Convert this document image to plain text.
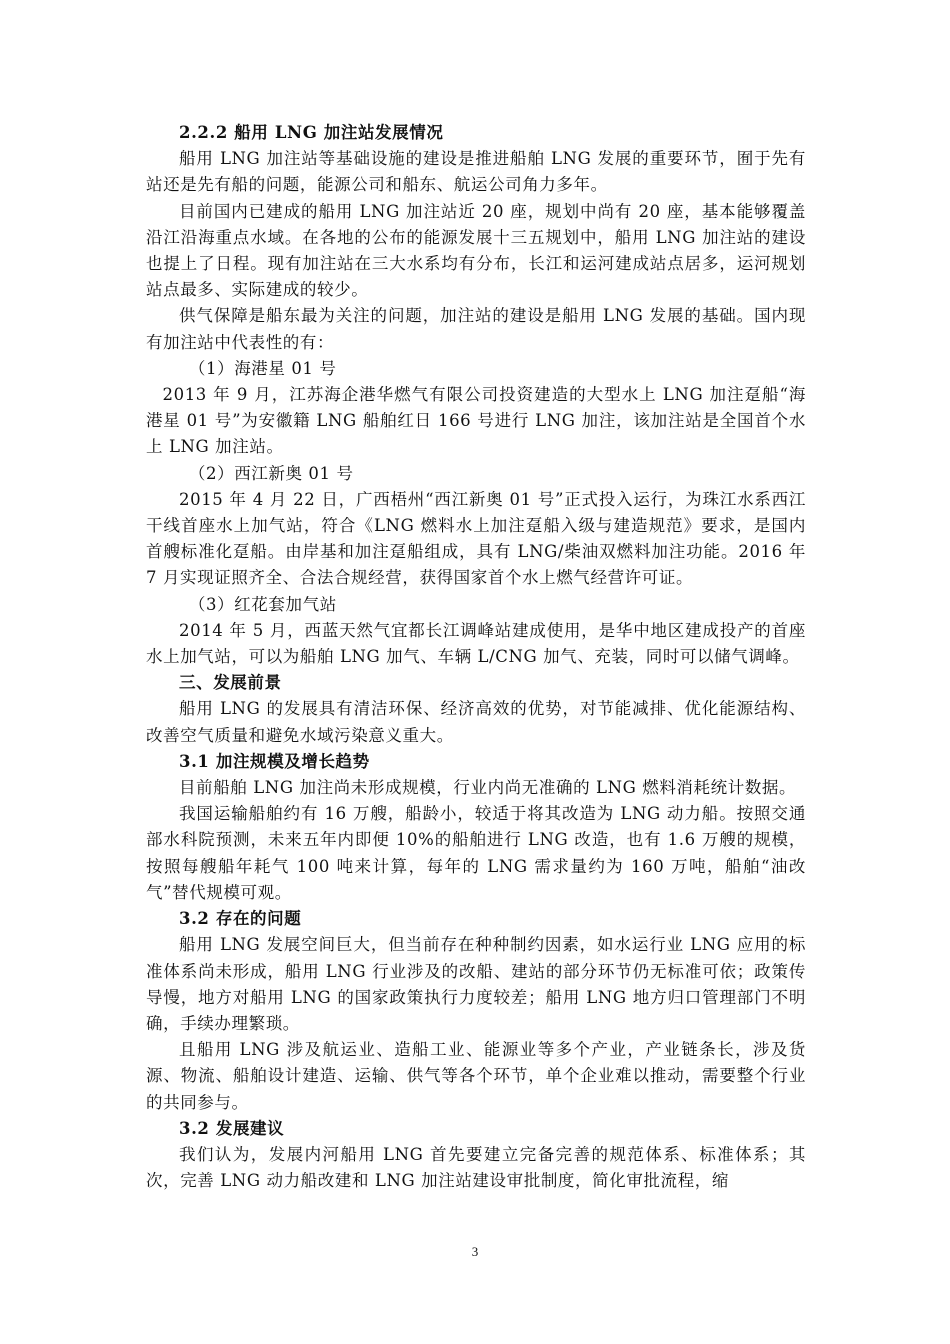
2.2.2 船用 LNG 加注站发展情况

船用 LNG 加注站等基础设施的建设是推进船舶 LNG 发展的重要环节，囿于先有站还是先有船的问题，能源公司和船东、航运公司角力多年。

目前国内已建成的船用 LNG 加注站近 20 座，规划中尚有 20 座，基本能够覆盖沿江沿海重点水域。在各地的公布的能源发展十三五规划中，船用 LNG 加注站的建设也提上了日程。现有加注站在三大水系均有分布，长江和运河建成站点居多，运河规划站点最多、实际建成的较少。

供气保障是船东最为关注的问题，加注站的建设是船用 LNG 发展的基础。国内现有加注站中代表性的有：

（1）海港星 01 号

2013 年 9 月，江苏海企港华燃气有限公司投资建造的大型水上 LNG 加注趸船“海港星 01 号”为安徽籍 LNG 船舶红日 166 号进行 LNG 加注，该加注站是全国首个水上 LNG 加注站。

（2）西江新奥 01 号

2015 年 4 月 22 日，广西梧州“西江新奥 01 号”正式投入运行，为珠江水系西江干线首座水上加气站，符合《LNG 燃料水上加注趸船入级与建造规范》要求，是国内首艘标准化趸船。由岸基和加注趸船组成，具有 LNG/柴油双燃料加注功能。2016 年 7 月实现证照齐全、合法合规经营，获得国家首个水上燃气经营许可证。

（3）红花套加气站

2014 年 5 月，西蓝天然气宜都长江调峰站建成使用，是华中地区建成投产的首座水上加气站，可以为船舶 LNG 加气、车辆 L/CNG 加气、充装，同时可以储气调峰。

三、发展前景

船用 LNG 的发展具有清洁环保、经济高效的优势，对节能减排、优化能源结构、改善空气质量和避免水域污染意义重大。

3.1 加注规模及增长趋势

目前船舶 LNG 加注尚未形成规模，行业内尚无准确的 LNG 燃料消耗统计数据。

我国运输船舶约有 16 万艘，船龄小，较适于将其改造为 LNG 动力船。按照交通部水科院预测，未来五年内即便 10%的船舶进行 LNG 改造，也有 1.6 万艘的规模，按照每艘船年耗气 100 吨来计算，每年的 LNG 需求量约为 160 万吨，船舶“油改气”替代规模可观。

3.2 存在的问题

船用 LNG 发展空间巨大，但当前存在种种制约因素，如水运行业 LNG 应用的标准体系尚未形成，船用 LNG 行业涉及的改船、建站的部分环节仍无标准可依；政策传导慢，地方对船用 LNG 的国家政策执行力度较差；船用 LNG 地方归口管理部门不明确，手续办理繁琐。

且船用 LNG 涉及航运业、造船工业、能源业等多个产业，产业链条长，涉及货源、物流、船舶设计建造、运输、供气等各个环节，单个企业难以推动，需要整个行业的共同参与。

3.2 发展建议

我们认为，发展内河船用 LNG 首先要建立完备完善的规范体系、标准体系；其次，完善 LNG 动力船改建和 LNG 加注站建设审批制度，简化审批流程，缩

3
